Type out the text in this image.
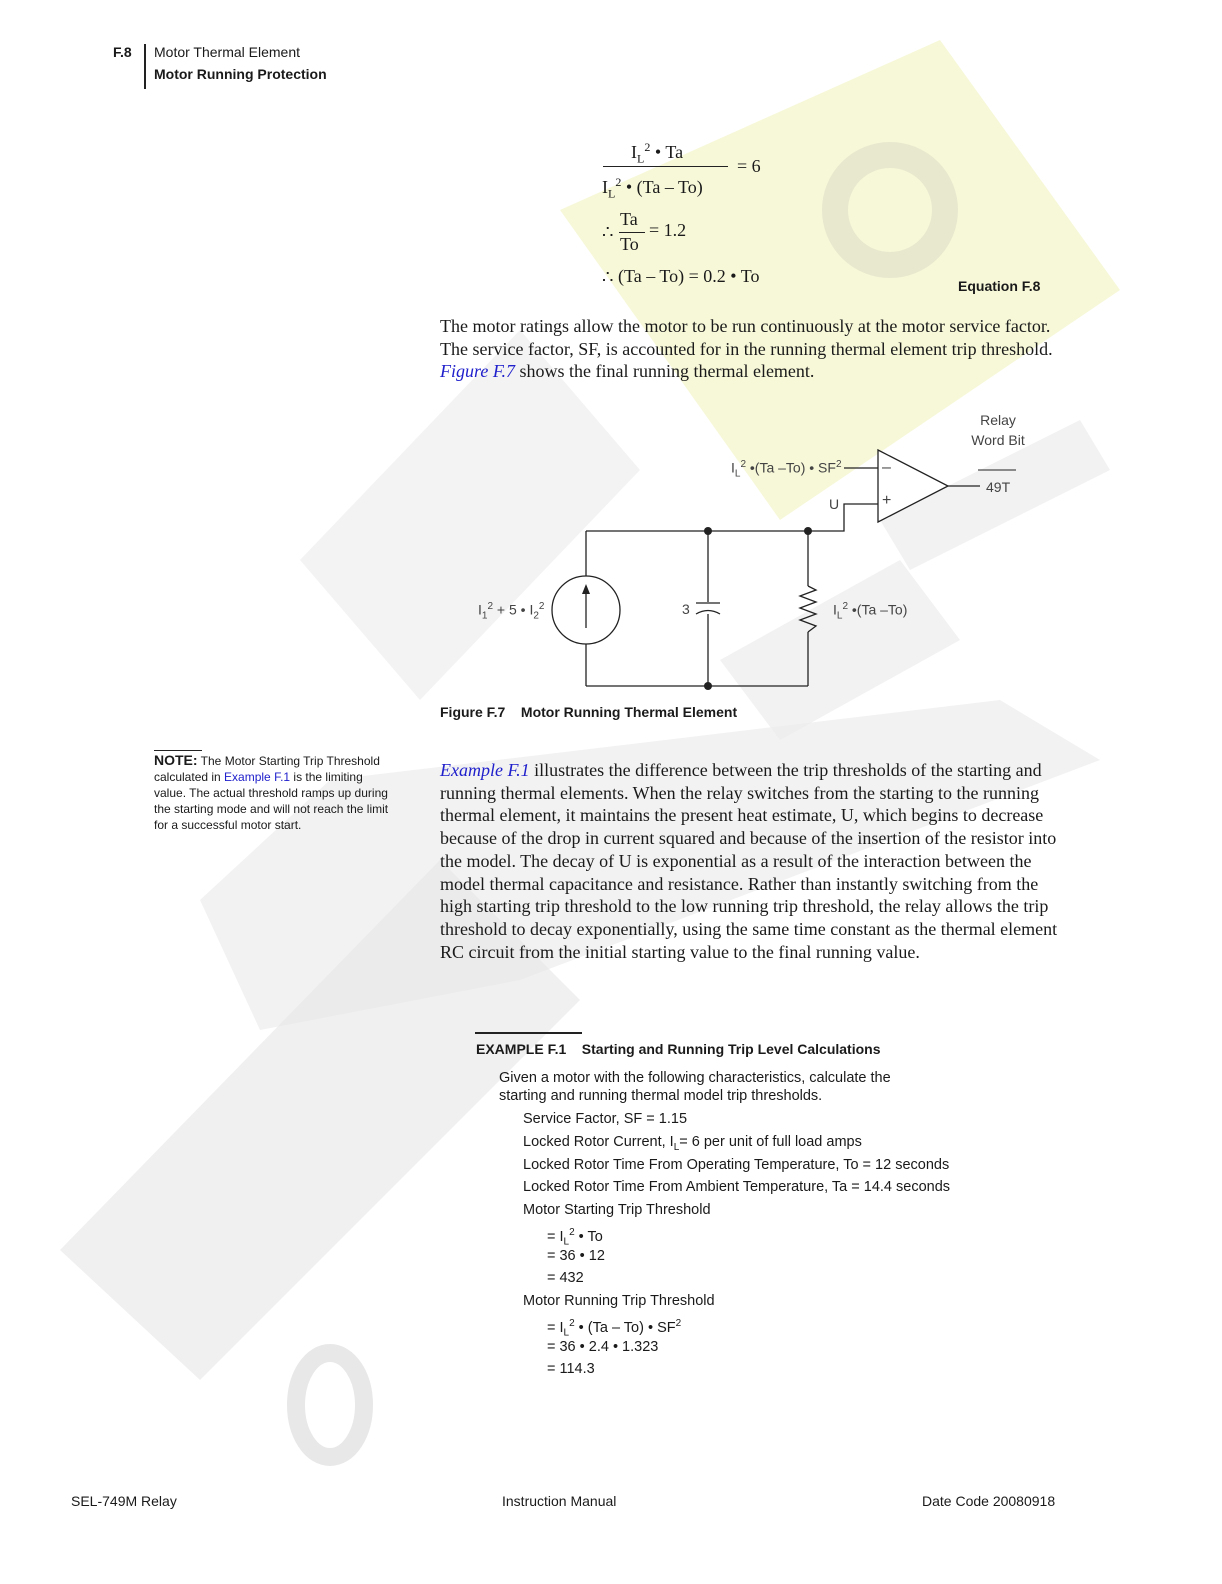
F.8 Motor Thermal Element
Motor Running Protection
$I_L^2$ • Ta
$I_L^2$ • (Ta – To)
= 6
∴
Ta
To
= 1.2
∴ (Ta – To) = 0.2 • To	Equation F.8
The motor ratings allow the motor to be run continuously at the motor service factor. The service factor, SF, is accounted for in the running thermal element trip threshold. Figure F.7 shows the final running thermal element.
Relay Word Bit
49T
$I_L^2$ •(Ta –To) • $SF^2$
U
–
+
$I_1^2 + 5$ • $I_2^2$	3	$I_L^2$ •(Ta –To)
Figure F.7    Motor Running Thermal Element
NOTE: The Motor Starting Trip Threshold calculated in Example F.1 is the limiting value. The actual threshold ramps up during the starting mode and will not reach the limit for a successful motor start.
Example F.1 illustrates the difference between the trip thresholds of the starting and running thermal elements. When the relay switches from the starting to the running thermal element, it maintains the present heat estimate, U, which begins to decrease because of the drop in current squared and because of the insertion of the resistor into the model. The decay of U is exponential as a result of the interaction between the model thermal capacitance and resistance. Rather than instantly switching from the high starting trip threshold to the low running trip threshold, the relay allows the trip threshold to decay exponentially, using the same time constant as the thermal element RC circuit from the initial starting value to the final running value.
EXAMPLE F.1    Starting and Running Trip Level Calculations
Given a motor with the following characteristics, calculate the
starting and running thermal model trip thresholds.
Service Factor, SF = 1.15
Locked Rotor Current, $I_L= 6$ per unit of full load amps
Locked Rotor Time From Operating Temperature, To = 12 seconds
Locked Rotor Time From Ambient Temperature, Ta = 14.4 seconds
Motor Starting Trip Threshold
= $I_L^2$ • To
= 36 • 12
= 432
Motor Running Trip Threshold
= $I_L^2$ • (Ta – To) • $SF^2$
= 36 • 2.4 • 1.323
= 114.3
SEL-749M Relay	Instruction Manual	Date Code 20080918
